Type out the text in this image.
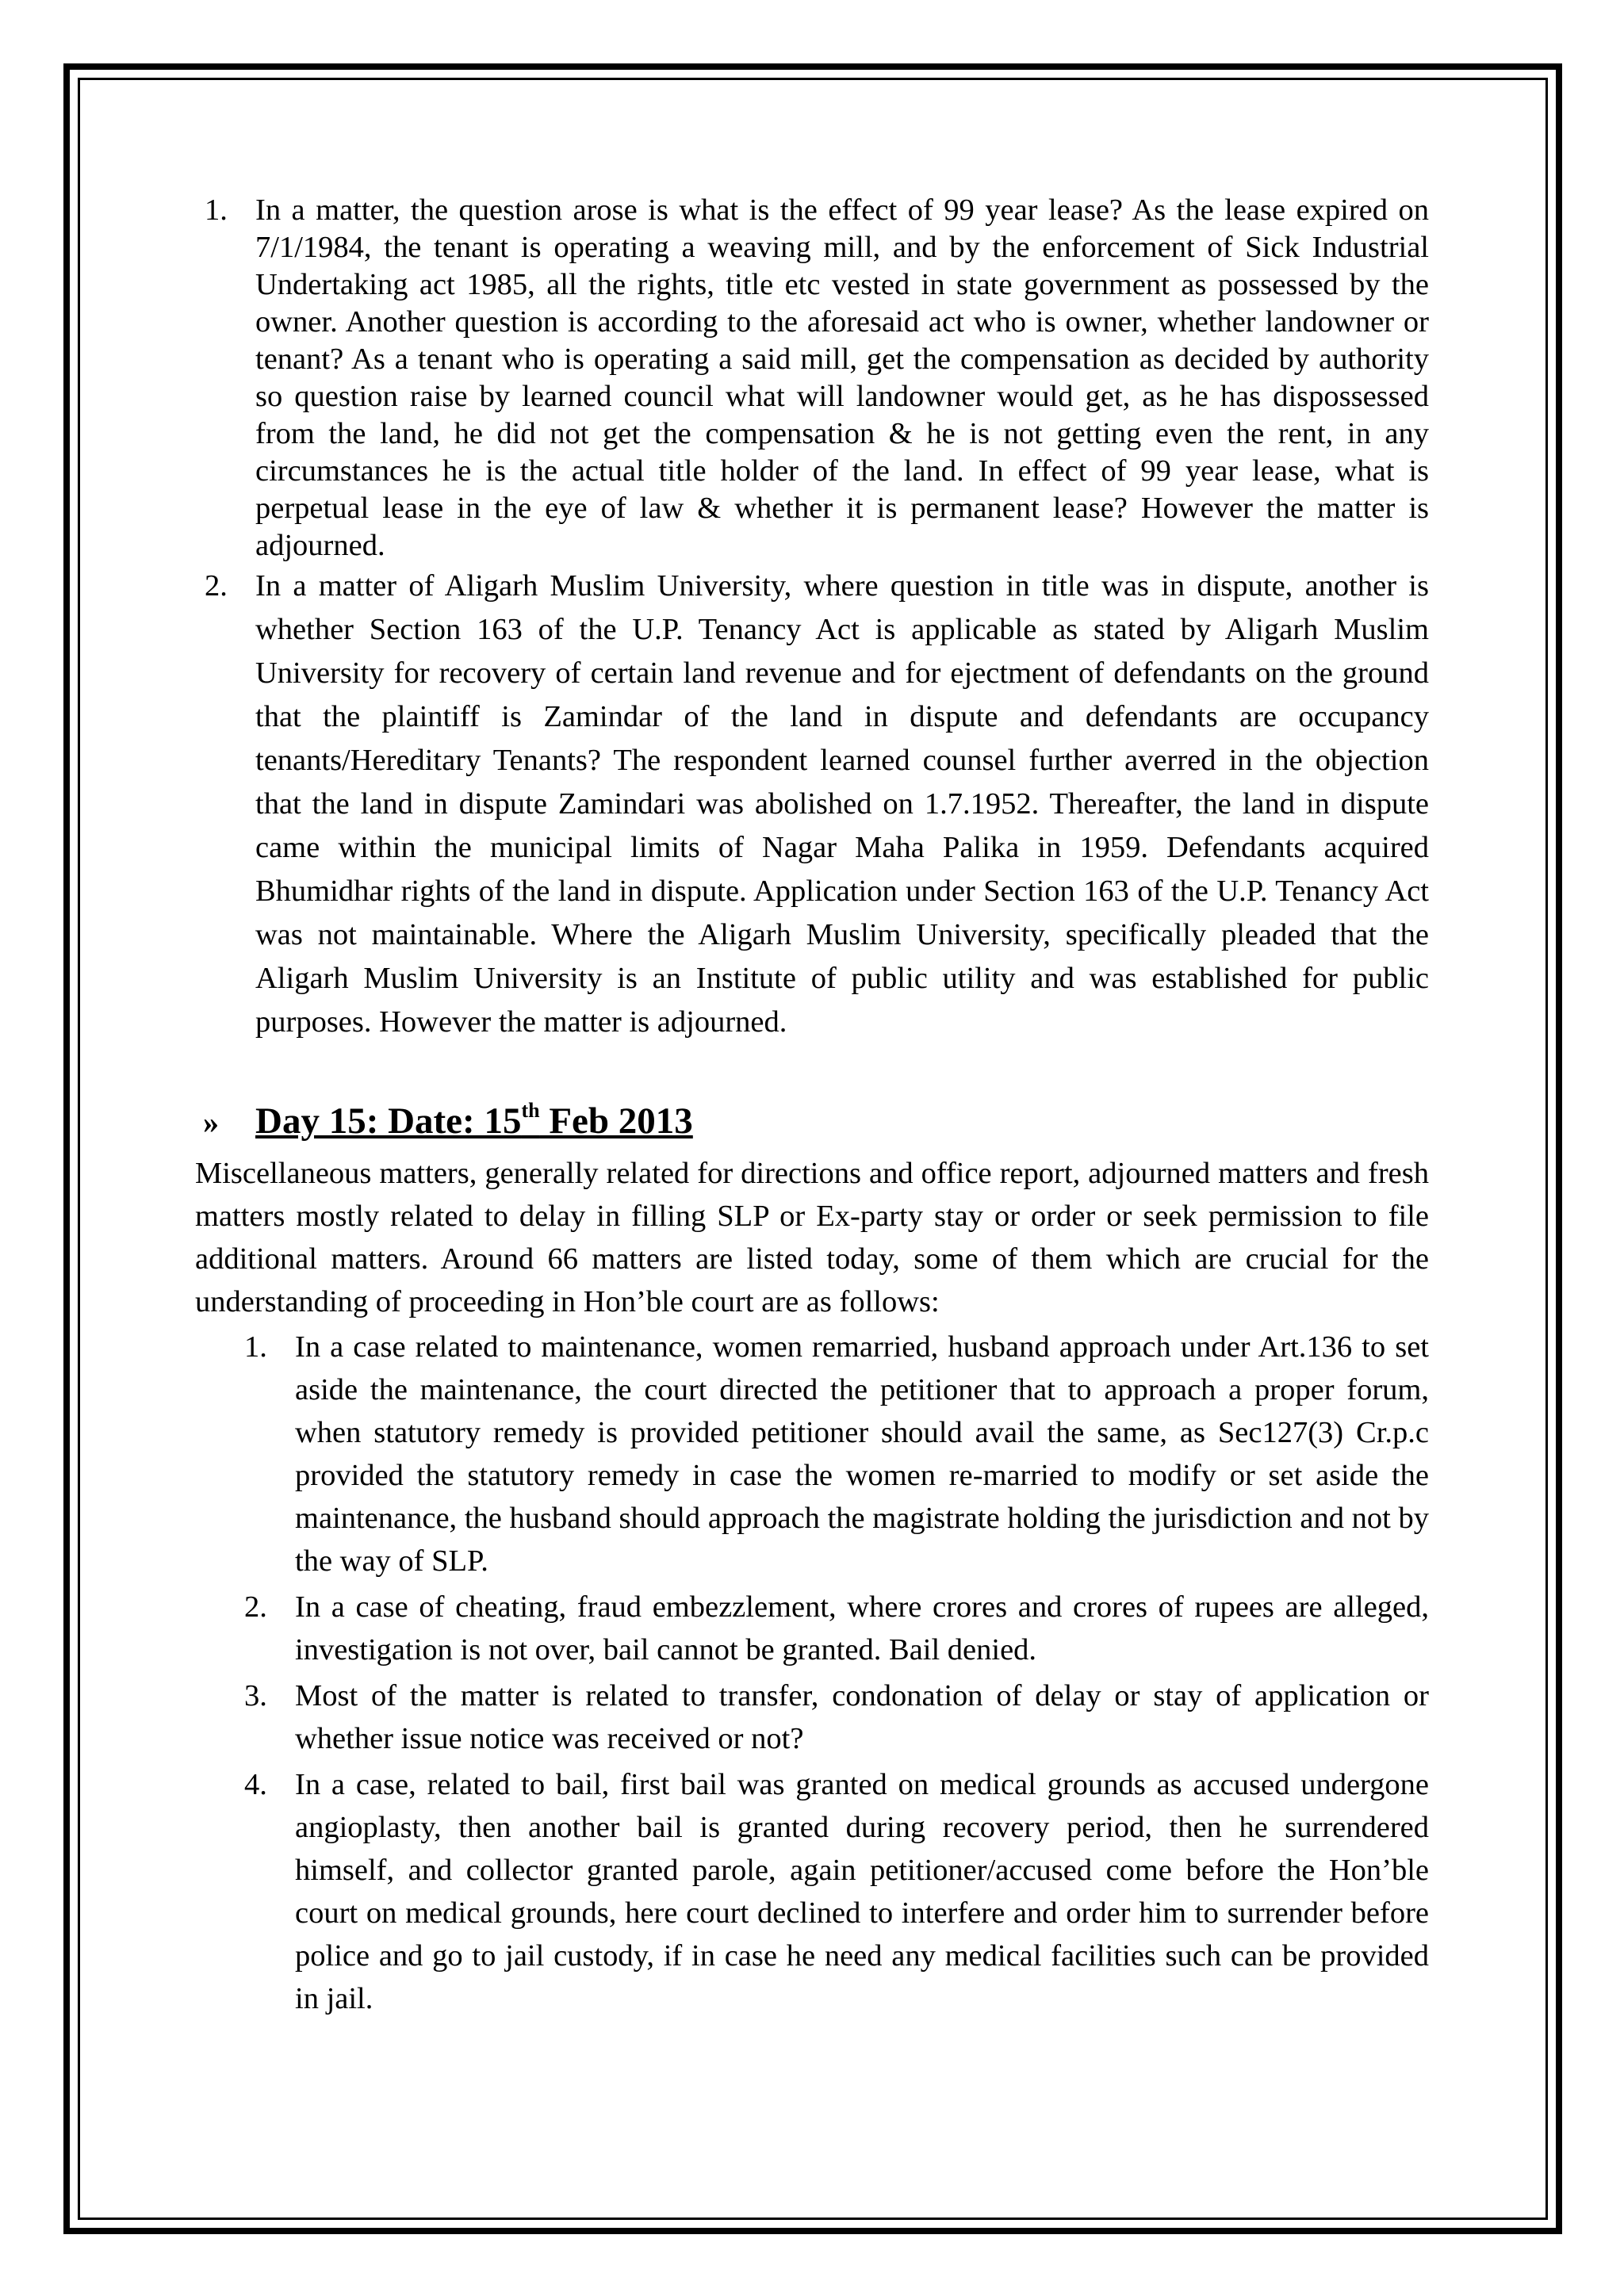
1. In a matter, the question arose is what is the effect of 99 year lease? As the lease expired on 7/1/1984, the tenant is operating a weaving mill, and by the enforcement of Sick Industrial Undertaking act 1985, all the rights, title etc vested in state government as possessed by the owner. Another question is according to the aforesaid act who is owner, whether landowner or tenant? As a tenant who is operating a said mill, get the compensation as decided by authority so question raise by learned council what will landowner would get, as he has dispossessed from the land, he did not get the compensation & he is not getting even the rent, in any circumstances he is the actual title holder of the land. In effect of 99 year lease, what is perpetual lease in the eye of law & whether it is permanent lease? However the matter is adjourned.
2. In a matter of Aligarh Muslim University, where question in title was in dispute, another is whether Section 163 of the U.P. Tenancy Act is applicable as stated by Aligarh Muslim University for recovery of certain land revenue and for ejectment of defendants on the ground that the plaintiff is Zamindar of the land in dispute and defendants are occupancy tenants/Hereditary Tenants? The respondent learned counsel further averred in the objection that the land in dispute Zamindari was abolished on 1.7.1952. Thereafter, the land in dispute came within the municipal limits of Nagar Maha Palika in 1959. Defendants acquired Bhumidhar rights of the land in dispute. Application under Section 163 of the U.P. Tenancy Act was not maintainable. Where the Aligarh Muslim University, specifically pleaded that the Aligarh Muslim University is an Institute of public utility and was established for public purposes. However the matter is adjourned.
» Day 15: Date: 15th Feb 2013
Miscellaneous matters, generally related for directions and office report, adjourned matters and fresh matters mostly related to delay in filling SLP or Ex-party stay or order or seek permission to file additional matters. Around 66 matters are listed today, some of them which are crucial for the understanding of proceeding in Hon’ble court are as follows:
1. In a case related to maintenance, women remarried, husband approach under Art.136 to set aside the maintenance, the court directed the petitioner that to approach a proper forum, when statutory remedy is provided petitioner should avail the same, as Sec127(3) Cr.p.c provided the statutory remedy in case the women re-married to modify or set aside the maintenance, the husband should approach the magistrate holding the jurisdiction and not by the way of SLP.
2. In a case of cheating, fraud embezzlement, where crores and crores of rupees are alleged, investigation is not over, bail cannot be granted. Bail denied.
3. Most of the matter is related to transfer, condonation of delay or stay of application or whether issue notice was received or not?
4. In a case, related to bail, first bail was granted on medical grounds as accused undergone angioplasty, then another bail is granted during recovery period, then he surrendered himself, and collector granted parole, again petitioner/accused come before the Hon’ble court on medical grounds, here court declined to interfere and order him to surrender before police and go to jail custody, if in case he need any medical facilities such can be provided in jail.
